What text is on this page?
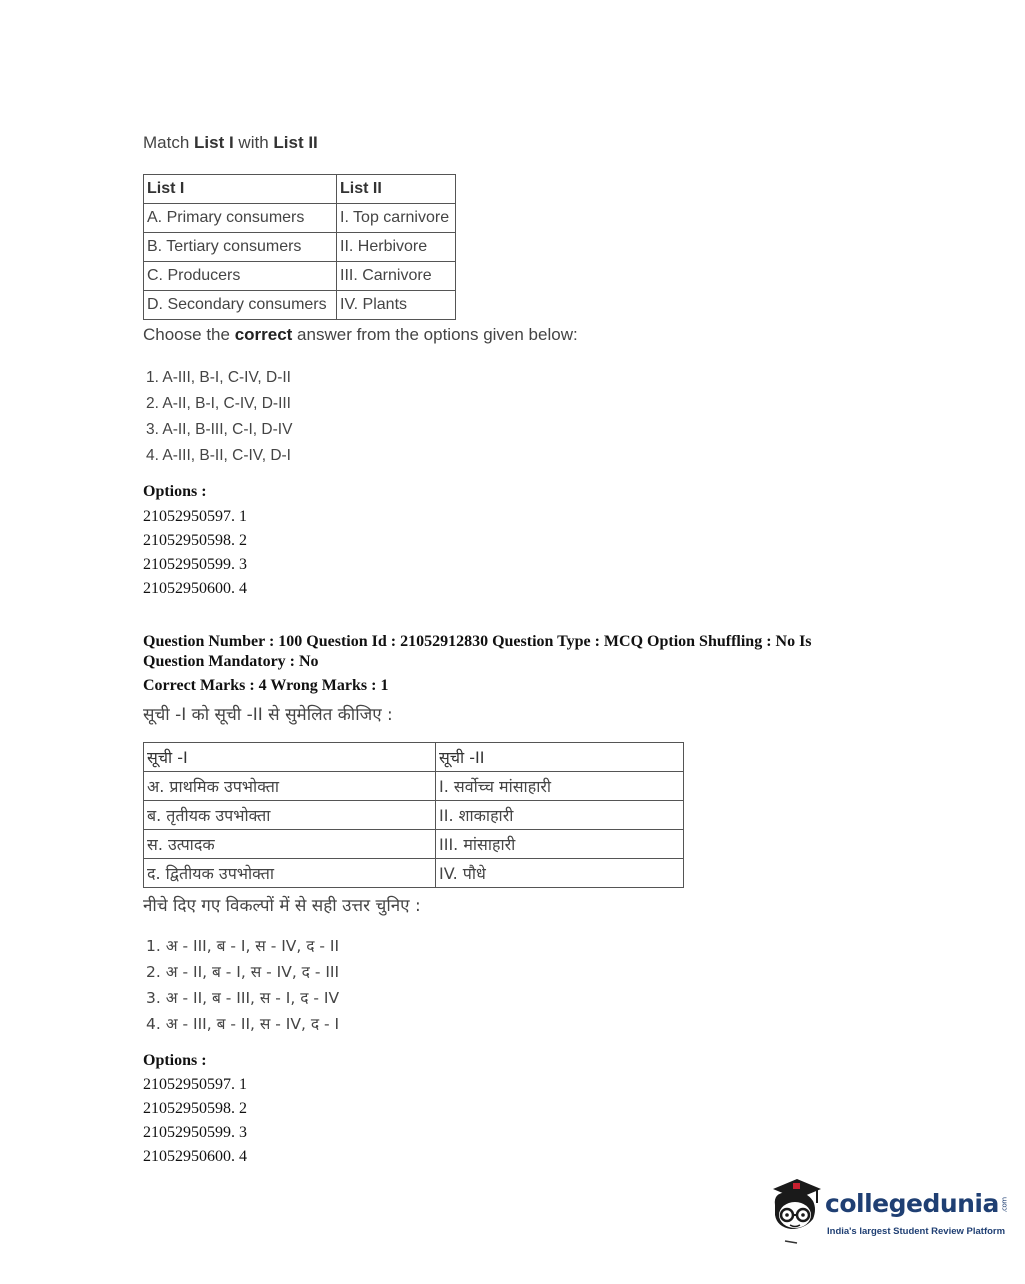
Match List I with List II
List I	List II
A. Primary consumers	I. Top carnivore
B. Tertiary consumers	II. Herbivore
C. Producers	III. Carnivore
D. Secondary consumers	IV. Plants
Choose the correct answer from the options given below:
1. A-III, B-I, C-IV, D-II
2. A-II, B-I, C-IV, D-III
3. A-II, B-III, C-I, D-IV
4. A-III, B-II, C-IV, D-I
Options :
21052950597. 1
21052950598. 2
21052950599. 3
21052950600. 4
Question Number : 100 Question Id : 21052912830 Question Type : MCQ Option Shuffling : No Is
Question Mandatory : No
Correct Marks : 4 Wrong Marks : 1
सूची -I को सूची -II से सुमेलित कीजिए :
सूची -I	सूची -II
अ. प्राथमिक उपभोक्ता	I. सर्वोच्च मांसाहारी
ब. तृतीयक उपभोक्ता	II. शाकाहारी
स. उत्पादक	III. मांसाहारी
द. द्वितीयक उपभोक्ता	IV. पौधे
नीचे दिए गए विकल्पों में से सही उत्तर चुनिए :
1. अ - III, ब - I, स - IV, द - II
2. अ - II, ब - I, स - IV, द - III
3. अ - II, ब - III, स - I, द - IV
4. अ - III, ब - II, स - IV, द - I
Options :
21052950597. 1
21052950598. 2
21052950599. 3
21052950600. 4
collegedunia .com
India's largest Student Review Platform
